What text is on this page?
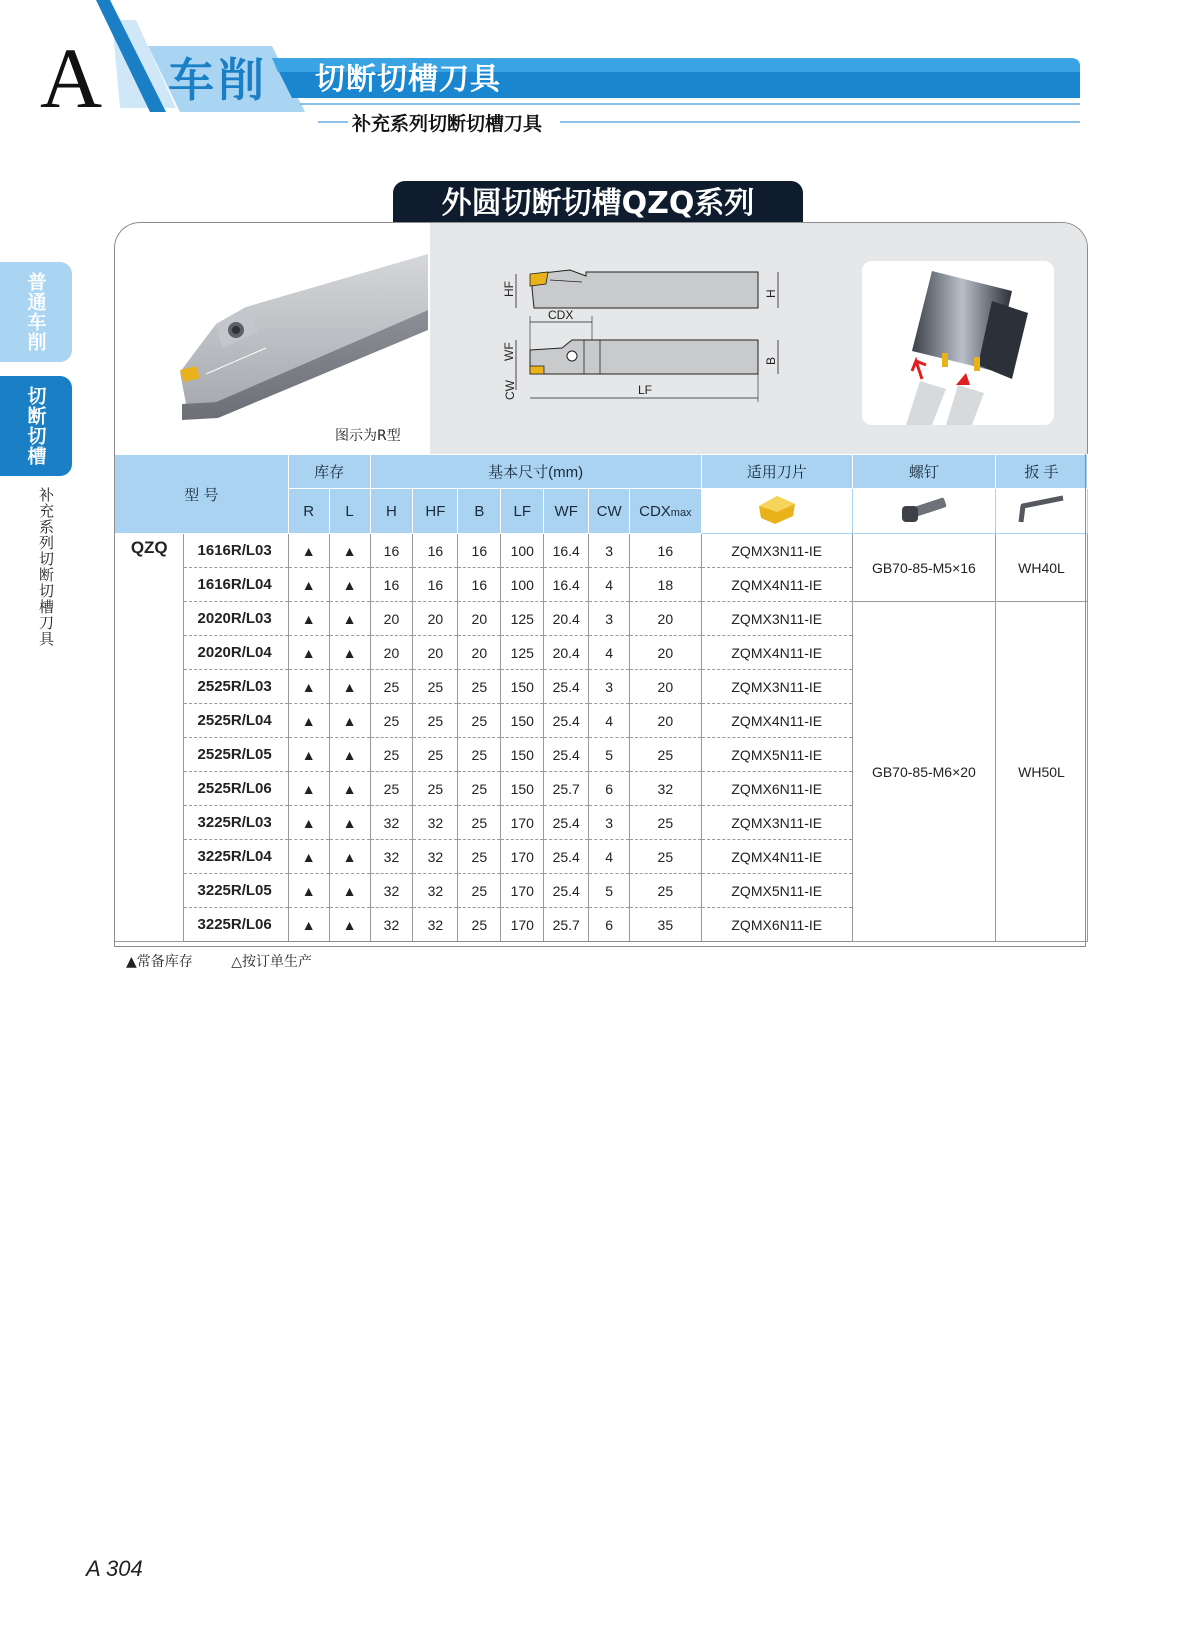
A	车削 切断切槽刀具
补充系列切断切槽刀具
普通车削
切断切槽
补充系列切断切槽刀具
外圆切断切槽QZQ系列
图示为R型
HF	H
CDX
WF	B
CW	LF
型 号		库存		基本尺寸(mm)							适用刀片	螺钉	扳 手
		R	L	H	HF	B	LF	WF	CW	CDXmax			
QZQ	1616R/L03	▲	▲	16	16	16	100	16.4	3	16	ZQMX3N11-IE	GB70-85-M5×16	WH40L
	1616R/L04	▲	▲	16	16	16	100	16.4	4	18	ZQMX4N11-IE		
	2020R/L03	▲	▲	20	20	20	125	20.4	3	20	ZQMX3N11-IE	GB70-85-M6×20	WH50L
	2020R/L04	▲	▲	20	20	20	125	20.4	4	20	ZQMX4N11-IE		
	2525R/L03	▲	▲	25	25	25	150	25.4	3	20	ZQMX3N11-IE		
	2525R/L04	▲	▲	25	25	25	150	25.4	4	20	ZQMX4N11-IE		
	2525R/L05	▲	▲	25	25	25	150	25.4	5	25	ZQMX5N11-IE		
	2525R/L06	▲	▲	25	25	25	150	25.7	6	32	ZQMX6N11-IE		
	3225R/L03	▲	▲	32	32	25	170	25.4	3	25	ZQMX3N11-IE		
	3225R/L04	▲	▲	32	32	25	170	25.4	4	25	ZQMX4N11-IE		
	3225R/L05	▲	▲	32	32	25	170	25.4	5	25	ZQMX5N11-IE		
	3225R/L06	▲	▲	32	32	25	170	25.7	6	35	ZQMX6N11-IE		
▲常备库存	△按订单生产
A 304
